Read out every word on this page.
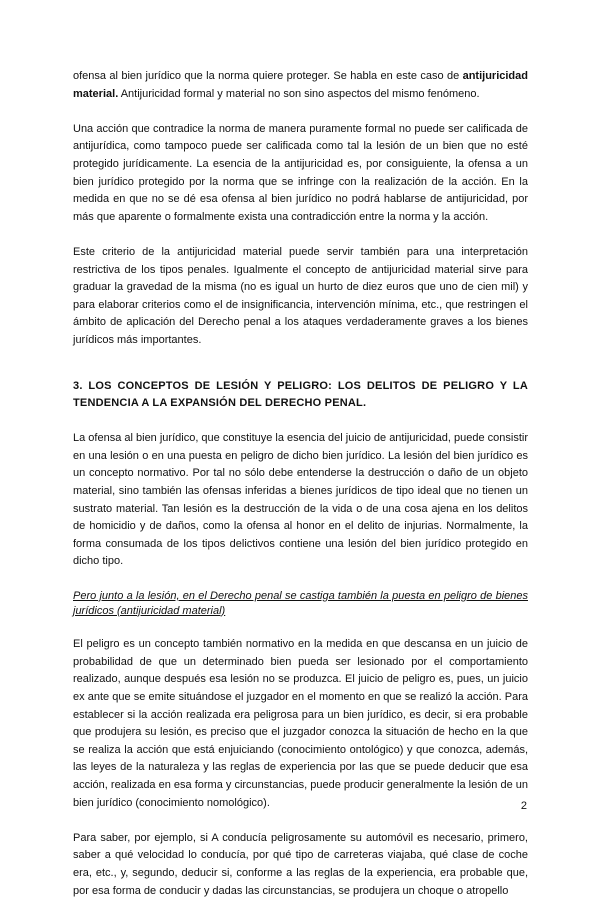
ofensa al bien jurídico que la norma quiere proteger. Se habla en este caso de antijuricidad material. Antijuricidad formal y material no son sino aspectos del mismo fenómeno.

Una acción que contradice la norma de manera puramente formal no puede ser calificada de antijurídica, como tampoco puede ser calificada como tal la lesión de un bien que no esté protegido jurídicamente. La esencia de la antijuricidad es, por consiguiente, la ofensa a un bien jurídico protegido por la norma que se infringe con la realización de la acción. En la medida en que no se dé esa ofensa al bien jurídico no podrá hablarse de antijuricidad, por más que aparente o formalmente exista una contradicción entre la norma y la acción.

Este criterio de la antijuricidad material puede servir también para una interpretación restrictiva de los tipos penales. Igualmente el concepto de antijuricidad material sirve para graduar la gravedad de la misma (no es igual un hurto de diez euros que uno de cien mil) y para elaborar criterios como el de insignificancia, intervención mínima, etc., que restringen el ámbito de aplicación del Derecho penal a los ataques verdaderamente graves a los bienes jurídicos más importantes.

3. LOS CONCEPTOS DE LESIÓN Y PELIGRO: LOS DELITOS DE PELIGRO Y LA TENDENCIA A LA EXPANSIÓN DEL DERECHO PENAL.

La ofensa al bien jurídico, que constituye la esencia del juicio de antijuricidad, puede consistir en una lesión o en una puesta en peligro de dicho bien jurídico. La lesión del bien jurídico es un concepto normativo. Por tal no sólo debe entenderse la destrucción o daño de un objeto material, sino también las ofensas inferidas a bienes jurídicos de tipo ideal que no tienen un sustrato material. Tan lesión es la destrucción de la vida o de una cosa ajena en los delitos de homicidio y de daños, como la ofensa al honor en el delito de injurias. Normalmente, la forma consumada de los tipos delictivos contiene una lesión del bien jurídico protegido en dicho tipo.

Pero junto a la lesión, en el Derecho penal se castiga también la puesta en peligro de bienes jurídicos (antijuricidad material)

El peligro es un concepto también normativo en la medida en que descansa en un juicio de probabilidad de que un determinado bien pueda ser lesionado por el comportamiento realizado, aunque después esa lesión no se produzca. El juicio de peligro es, pues, un juicio ex ante que se emite situándose el juzgador en el momento en que se realizó la acción. Para establecer si la acción realizada era peligrosa para un bien jurídico, es decir, si era probable que produjera su lesión, es preciso que el juzgador conozca la situación de hecho en la que se realiza la acción que está enjuiciando (conocimiento ontológico) y que conozca, además, las leyes de la naturaleza y las reglas de experiencia por las que se puede deducir que esa acción, realizada en esa forma y circunstancias, puede producir generalmente la lesión de un bien jurídico (conocimiento nomológico).

Para saber, por ejemplo, si A conducía peligrosamente su automóvil es necesario, primero, saber a qué velocidad lo conducía, por qué tipo de carreteras viajaba, qué clase de coche era, etc., y, segundo, deducir si, conforme a las reglas de la experiencia, era probable que, por esa forma de conducir y dadas las circunstancias, se produjera un choque o atropello

2
